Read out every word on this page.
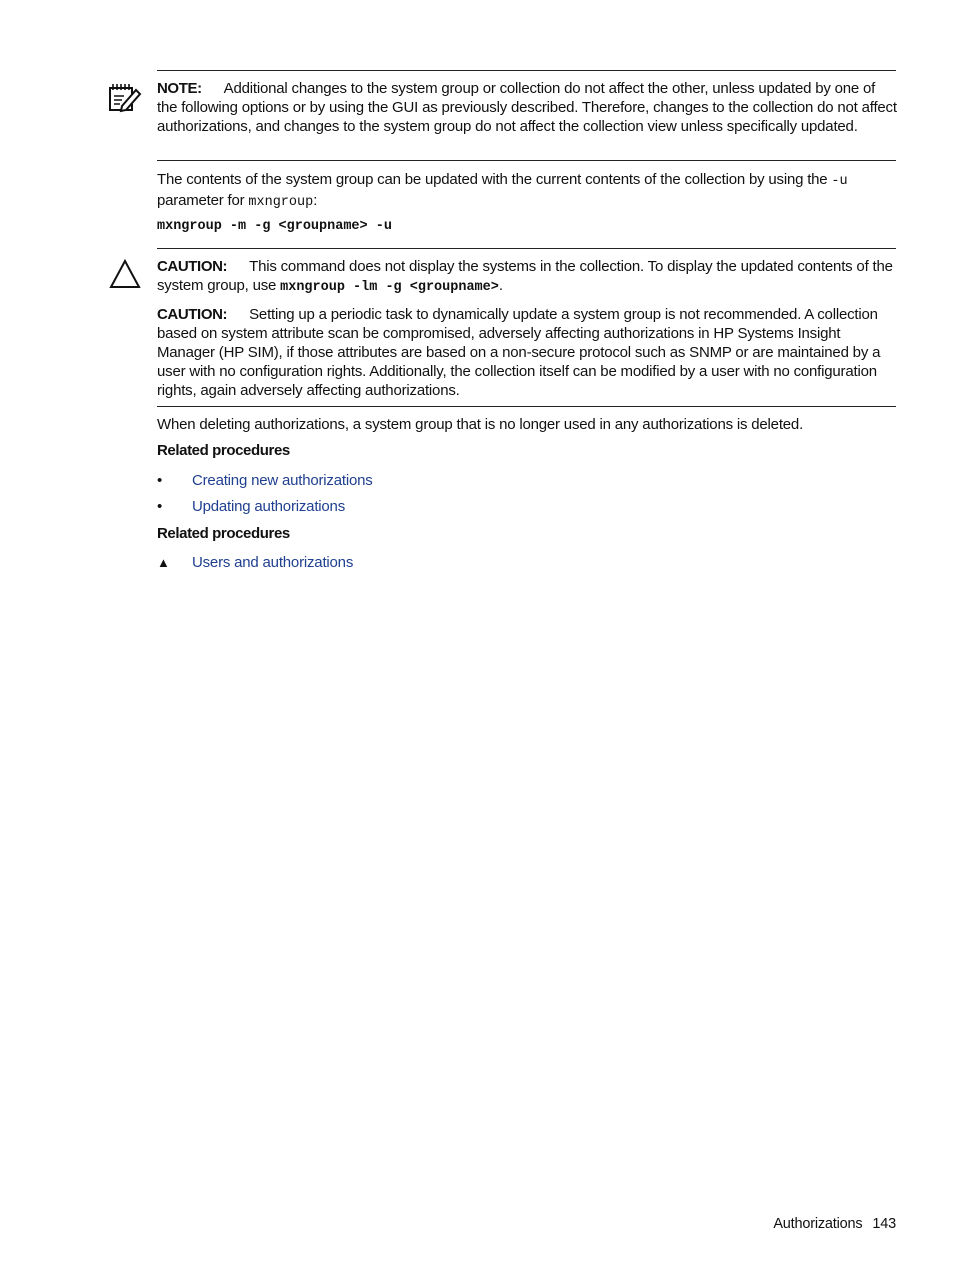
NOTE: Additional changes to the system group or collection do not affect the other, unless updated by one of the following options or by using the GUI as previously described. Therefore, changes to the collection do not affect authorizations, and changes to the system group do not affect the collection view unless specifically updated.
The contents of the system group can be updated with the current contents of the collection by using the -u parameter for mxngroup:
mxngroup -m -g <groupname> -u
CAUTION: This command does not display the systems in the collection. To display the updated contents of the system group, use mxngroup -lm -g <groupname>.
CAUTION: Setting up a periodic task to dynamically update a system group is not recommended. A collection based on system attribute scan be compromised, adversely affecting authorizations in HP Systems Insight Manager (HP SIM), if those attributes are based on a non-secure protocol such as SNMP or are maintained by a user with no configuration rights. Additionally, the collection itself can be modified by a user with no configuration rights, again adversely affecting authorizations.
When deleting authorizations, a system group that is no longer used in any authorizations is deleted.
Related procedures
•	Creating new authorizations
•	Updating authorizations
Related procedures
▲	Users and authorizations
Authorizations 143
